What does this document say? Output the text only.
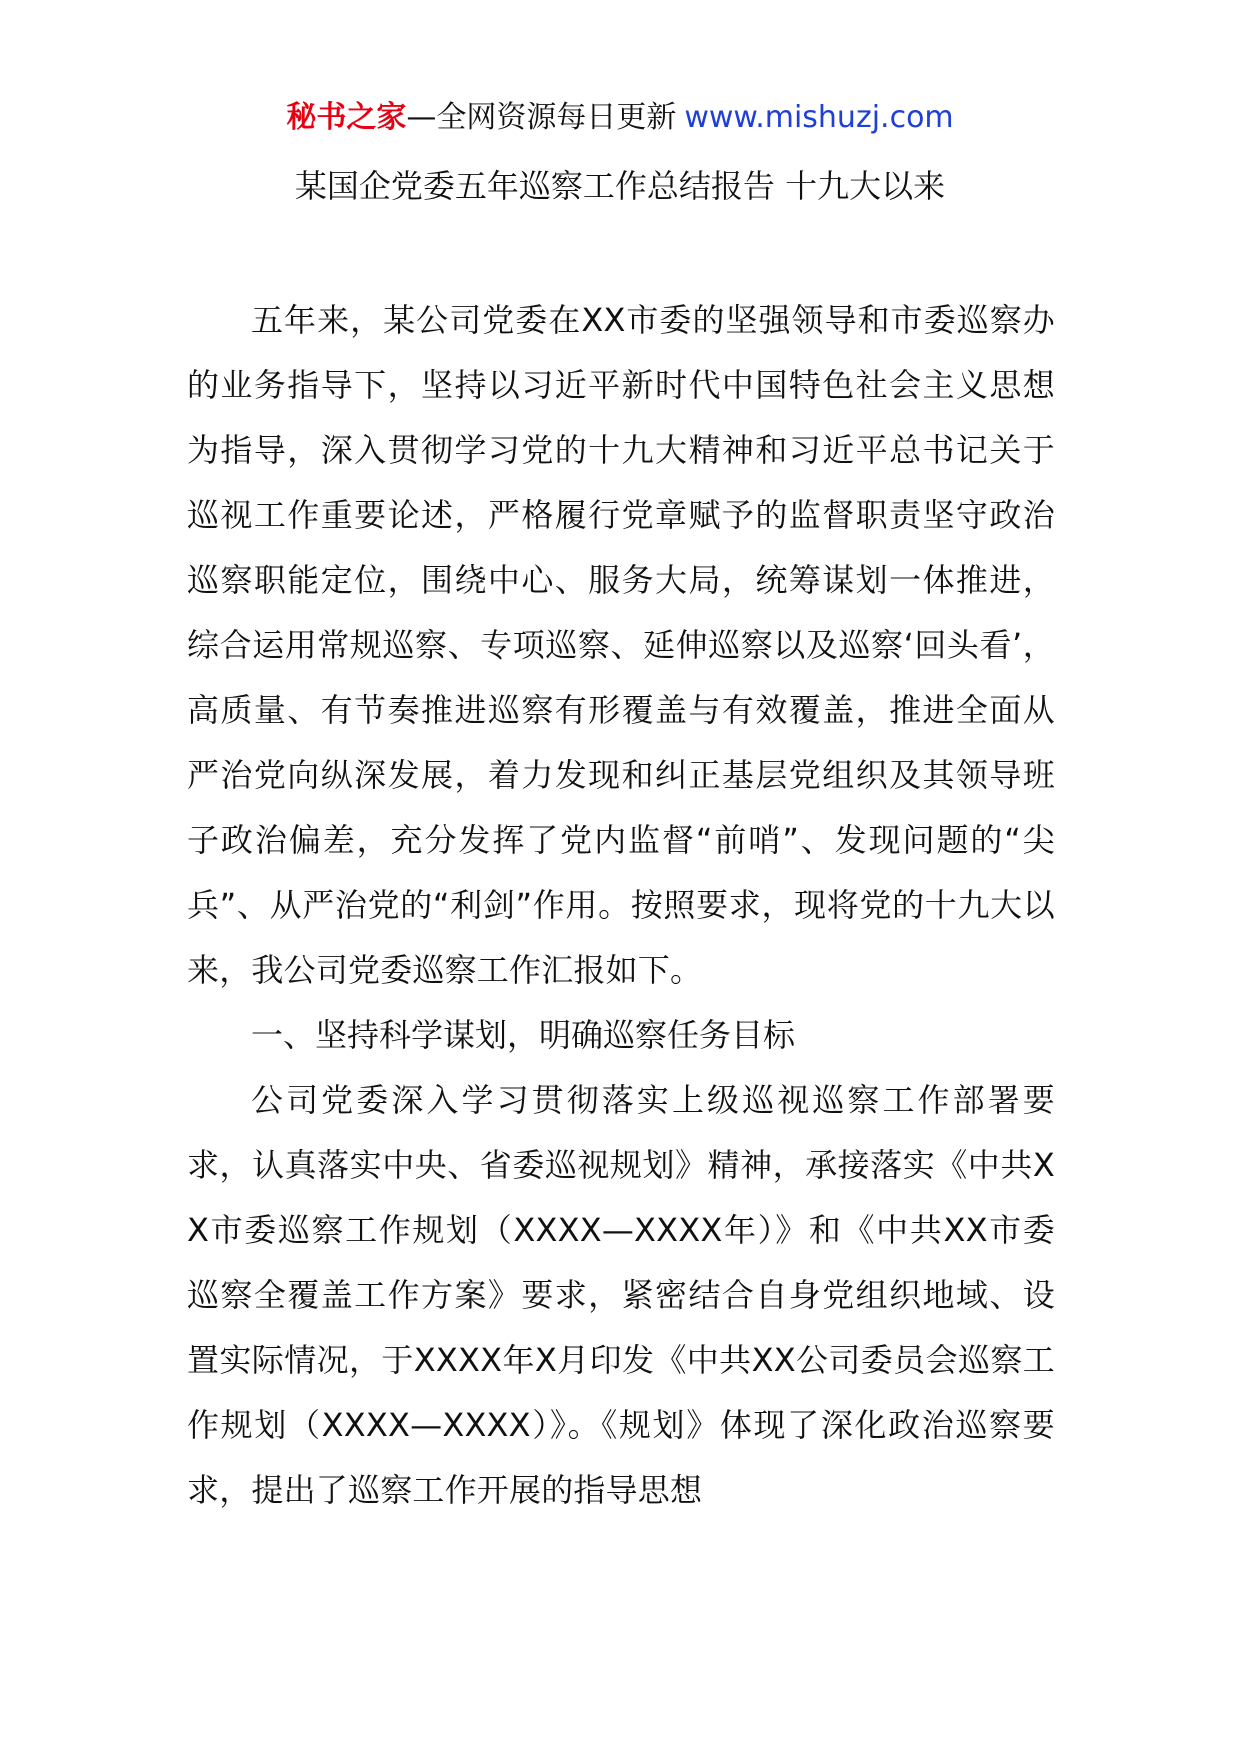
秘书之家—全网资源每日更新 www.mishuzj.com
某国企党委五年巡察工作总结报告 十九大以来

五年来，某公司党委在XX市委的坚强领导和市委巡察办的业务指导下，坚持以习近平新时代中国特色社会主义思想为指导，深入贯彻学习党的十九大精神和习近平总书记关于巡视工作重要论述，严格履行党章赋予的监督职责坚守政治巡察职能定位，围绕中心、服务大局，统筹谋划一体推进，综合运用常规巡察、专项巡察、延伸巡察以及巡察‘回头看’，高质量、有节奏推进巡察有形覆盖与有效覆盖，推进全面从严治党向纵深发展，着力发现和纠正基层党组织及其领导班子政治偏差，充分发挥了党内监督“前哨”、发现问题的“尖兵”、从严治党的“利剑”作用。按照要求，现将党的十九大以来，我公司党委巡察工作汇报如下。

一、坚持科学谋划，明确巡察任务目标

公司党委深入学习贯彻落实上级巡视巡察工作部署要求，认真落实中央、省委巡视规划》精神，承接落实《中共XX市委巡察工作规划（XXXX—XXXX年）》和《中共XX市委巡察全覆盖工作方案》要求，紧密结合自身党组织地域、设置实际情况，于XXXX年X月印发《中共XX公司委员会巡察工作规划（XXXX—XXXX）》。《规划》体现了深化政治巡察要求，提出了巡察工作开展的指导思想
